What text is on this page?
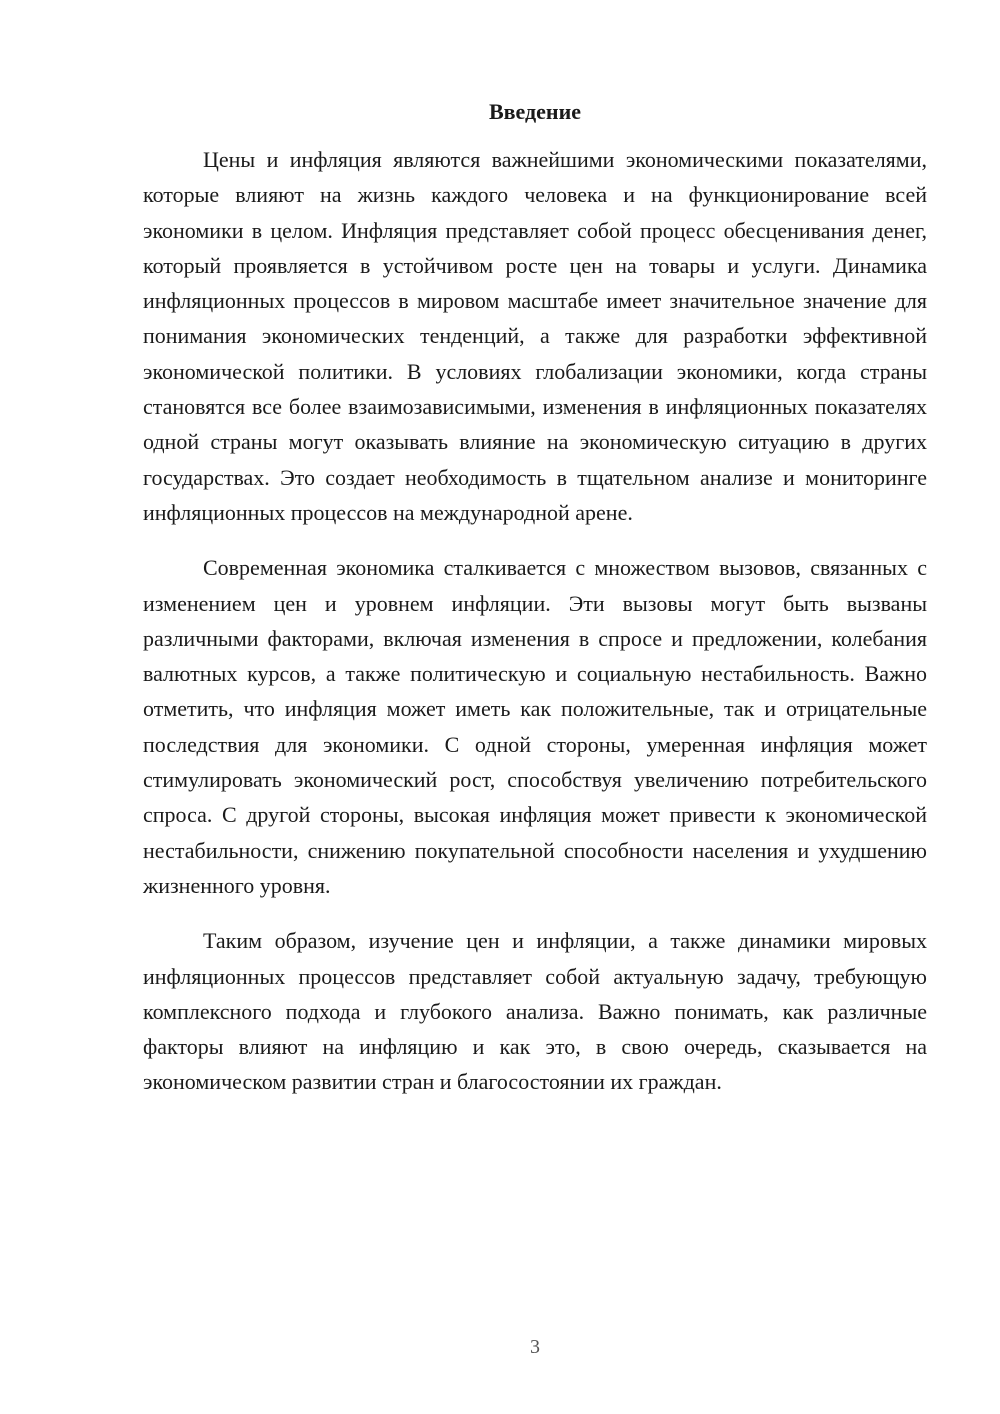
Введение

Цены и инфляция являются важнейшими экономическими показателями, которые влияют на жизнь каждого человека и на функционирование всей экономики в целом. Инфляция представляет собой процесс обесценивания денег, который проявляется в устойчивом росте цен на товары и услуги. Динамика инфляционных процессов в мировом масштабе имеет значительное значение для понимания экономических тенденций, а также для разработки эффективной экономической политики. В условиях глобализации экономики, когда страны становятся все более взаимозависимыми, изменения в инфляционных показателях одной страны могут оказывать влияние на экономическую ситуацию в других государствах. Это создает необходимость в тщательном анализе и мониторинге инфляционных процессов на международной арене.

Современная экономика сталкивается с множеством вызовов, связанных с изменением цен и уровнем инфляции. Эти вызовы могут быть вызваны различными факторами, включая изменения в спросе и предложении, колебания валютных курсов, а также политическую и социальную нестабильность. Важно отметить, что инфляция может иметь как положительные, так и отрицательные последствия для экономики. С одной стороны, умеренная инфляция может стимулировать экономический рост, способствуя увеличению потребительского спроса. С другой стороны, высокая инфляция может привести к экономической нестабильности, снижению покупательной способности населения и ухудшению жизненного уровня.

Таким образом, изучение цен и инфляции, а также динамики мировых инфляционных процессов представляет собой актуальную задачу, требующую комплексного подхода и глубокого анализа. Важно понимать, как различные факторы влияют на инфляцию и как это, в свою очередь, сказывается на экономическом развитии стран и благосостоянии их граждан.

3
